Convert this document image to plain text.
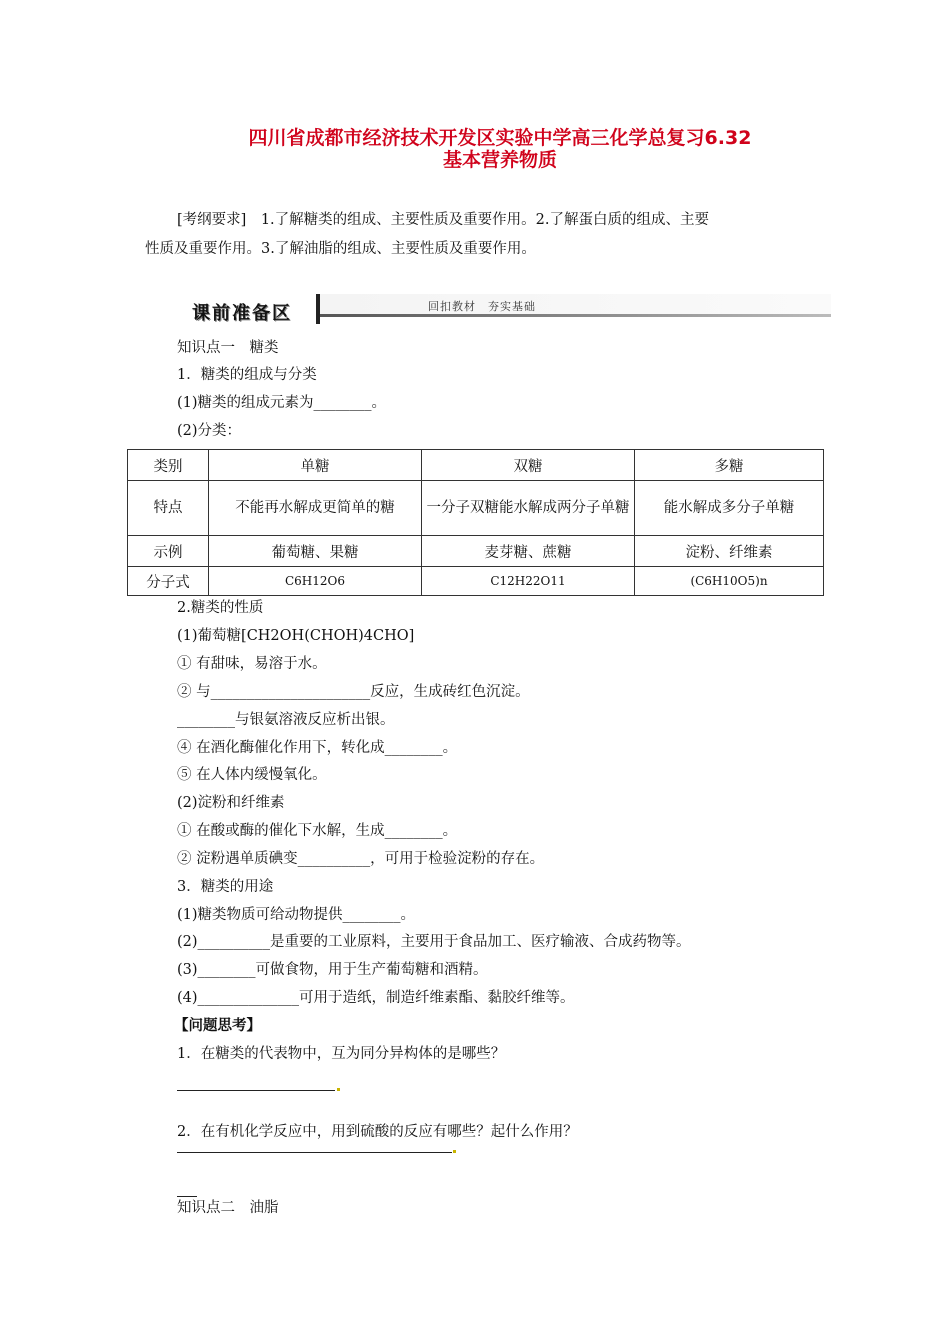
四川省成都市经济技术开发区实验中学高三化学总复习6.32
基本营养物质

[考纲要求]　1.了解糖类的组成、主要性质及重要作用。2.了解蛋白质的组成、主要

性质及重要作用。3.了解油脂的组成、主要性质及重要作用。

课前准备区	回扣教材　夯实基础
知识点一　糖类
1．糖类的组成与分类
(1)糖类的组成元素为________。
(2)分类：
类别	单糖	双糖	多糖
特点	不能再水解成更简单的糖	一分子双糖能水解成两分子单糖	能水解成多分子单糖
示例	葡萄糖、果糖	麦芽糖、蔗糖	淀粉、纤维素
分子式	C6H12O6	C12H22O11	(C6H10O5)n
2.糖类的性质
(1)葡萄糖[CH2OH(CHOH)4CHO]
① 有甜味，易溶于水。
② 与______________________反应，生成砖红色沉淀。
________与银氨溶液反应析出银。
④ 在酒化酶催化作用下，转化成________。
⑤ 在人体内缓慢氧化。
(2)淀粉和纤维素
① 在酸或酶的催化下水解，生成________。
② 淀粉遇单质碘变__________，可用于检验淀粉的存在。
3．糖类的用途
(1)糖类物质可给动物提供________。
(2)__________是重要的工业原料，主要用于食品加工、医疗输液、合成药物等。
(3)________可做食物，用于生产葡萄糖和酒精。
(4)______________可用于造纸，制造纤维素酯、黏胶纤维等。
【问题思考】
1．在糖类的代表物中，互为同分异构体的是哪些？
2．在有机化学反应中，用到硫酸的反应有哪些？起什么作用？
知识点二　油脂
